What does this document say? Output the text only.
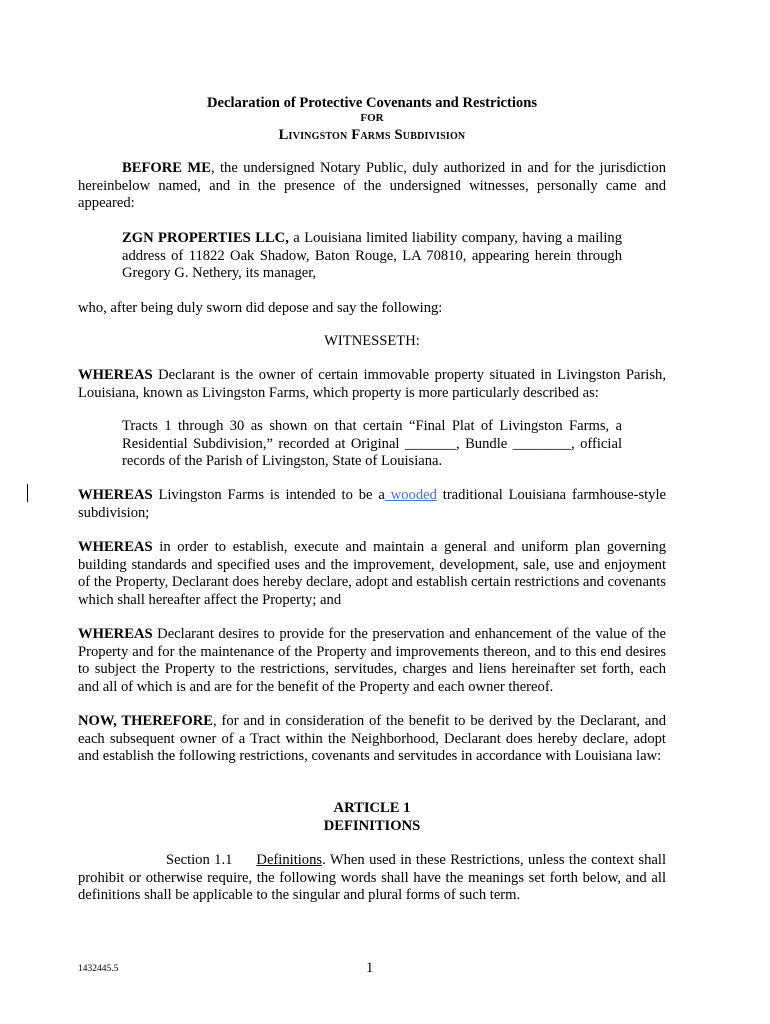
Declaration of Protective Covenants and Restrictions
FOR
Livingston Farms Subdivision

BEFORE ME, the undersigned Notary Public, duly authorized in and for the jurisdiction hereinbelow named, and in the presence of the undersigned witnesses, personally came and appeared:

ZGN PROPERTIES LLC, a Louisiana limited liability company, having a mailing address of 11822 Oak Shadow, Baton Rouge, LA 70810, appearing herein through Gregory G. Nethery, its manager,

who, after being duly sworn did depose and say the following:

WITNESSETH:

WHEREAS Declarant is the owner of certain immovable property situated in Livingston Parish, Louisiana, known as Livingston Farms, which property is more particularly described as:

Tracts 1 through 30 as shown on that certain “Final Plat of Livingston Farms, a Residential Subdivision,” recorded at Original _______, Bundle ________, official records of the Parish of Livingston, State of Louisiana.

WHEREAS Livingston Farms is intended to be a wooded traditional Louisiana farmhouse-style subdivision;

WHEREAS in order to establish, execute and maintain a general and uniform plan governing building standards and specified uses and the improvement, development, sale, use and enjoyment of the Property, Declarant does hereby declare, adopt and establish certain restrictions and covenants which shall hereafter affect the Property; and

WHEREAS Declarant desires to provide for the preservation and enhancement of the value of the Property and for the maintenance of the Property and improvements thereon, and to this end desires to subject the Property to the restrictions, servitudes, charges and liens hereinafter set forth, each and all of which is and are for the benefit of the Property and each owner thereof.

NOW, THEREFORE, for and in consideration of the benefit to be derived by the Declarant, and each subsequent owner of a Tract within the Neighborhood, Declarant does hereby declare, adopt and establish the following restrictions, covenants and servitudes in accordance with Louisiana law:

ARTICLE 1

DEFINITIONS

Section 1.1 Definitions. When used in these Restrictions, unless the context shall prohibit or otherwise require, the following words shall have the meanings set forth below, and all definitions shall be applicable to the singular and plural forms of such term.

1432445.5	1
